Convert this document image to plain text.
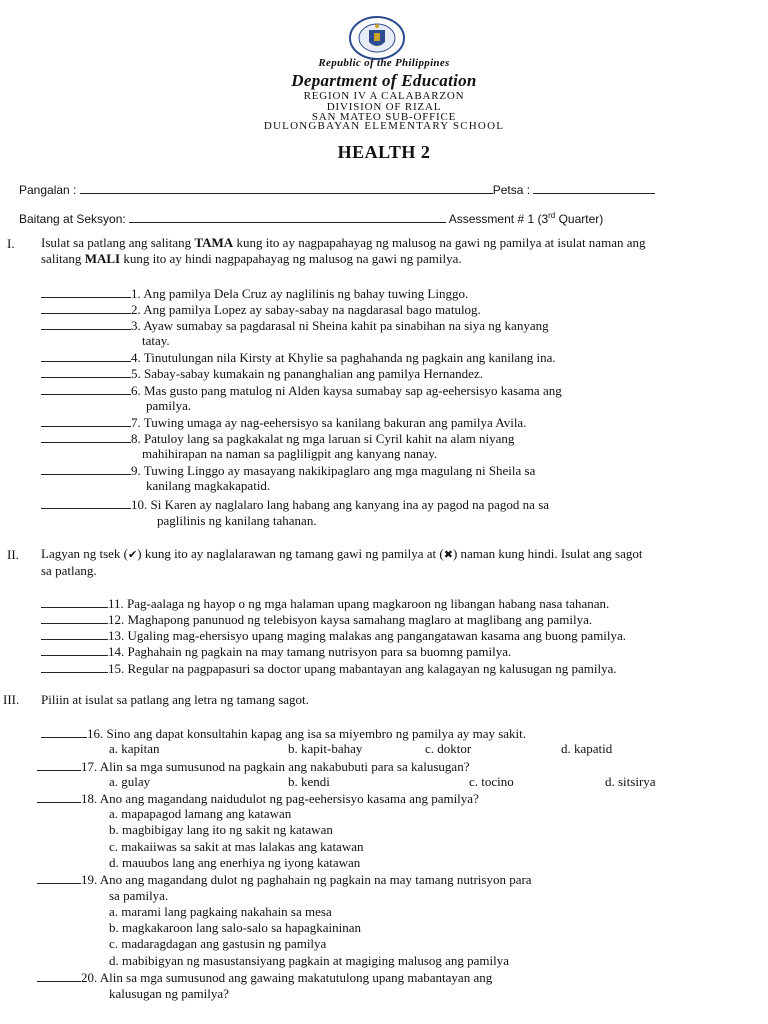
Republic of the Philippines
Department of Education
REGION IV A CALABARZON
DIVISION OF RIZAL
SAN MATEO SUB-OFFICE
DULONGBAYAN ELEMENTARY SCHOOL
HEALTH 2
Pangalan :	Petsa :
Baitang at Seksyon:	Assessment # 1 (3rd Quarter)
I. Isulat sa patlang ang salitang TAMA kung ito ay nagpapahayag ng malusog na gawi ng pamilya at isulat naman ang
salitang MALI kung ito ay hindi nagpapahayag ng malusog na gawi ng pamilya.
1. Ang pamilya Dela Cruz ay naglilinis ng bahay tuwing Linggo.
2. Ang pamilya Lopez ay sabay-sabay na nagdarasal bago matulog.
3. Ayaw sumabay sa pagdarasal ni Sheina kahit pa sinabihan na siya ng kanyang
tatay.
4. Tinutulungan nila Kirsty at Khylie sa paghahanda ng pagkain ang kanilang ina.
5. Sabay-sabay kumakain ng pananghalian ang pamilya Hernandez.
6. Mas gusto pang matulog ni Alden kaysa sumabay sap ag-eehersisyo kasama ang
pamilya.
7. Tuwing umaga ay nag-eehersisyo sa kanilang bakuran ang pamilya Avila.
8. Patuloy lang sa pagkakalat ng mga laruan si Cyril kahit na alam niyang
mahihirapan na naman sa pagliligpit ang kanyang nanay.
9. Tuwing Linggo ay masayang nakikipaglaro ang mga magulang ni Sheila sa
kanilang magkakapatid.
10. Si Karen ay naglalaro lang habang ang kanyang ina ay pagod na pagod na sa
paglilinis ng kanilang tahanan.
II. Lagyan ng tsek (✔) kung ito ay naglalarawan ng tamang gawi ng pamilya at (✖) naman kung hindi. Isulat ang sagot
sa patlang.
11. Pag-aalaga ng hayop o ng mga halaman upang magkaroon ng libangan habang nasa tahanan.
12. Maghapong panunuod ng telebisyon kaysa samahang maglaro at maglibang ang pamilya.
13. Ugaling mag-ehersisyo upang maging malakas ang pangangatawan kasama ang buong pamilya.
14. Paghahain ng pagkain na may tamang nutrisyon para sa buomng pamilya.
15. Regular na pagpapasuri sa doctor upang mabantayan ang kalagayan ng kalusugan ng pamilya.
III. Piliin at isulat sa patlang ang letra ng tamang sagot.
16. Sino ang dapat konsultahin kapag ang isa sa miyembro ng pamilya ay may sakit.
a. kapitan	b. kapit-bahay	c. doktor	d. kapatid
17. Alin sa mga sumusunod na pagkain ang nakabubuti para sa kalusugan?
a. gulay	b. kendi	c. tocino	d. sitsirya
18. Ano ang magandang naidudulot ng pag-eehersisyo kasama ang pamilya?
a. mapapagod lamang ang katawan
b. magbibigay lang ito ng sakit ng katawan
c. makaiiwas sa sakit at mas lalakas ang katawan
d. mauubos lang ang enerhiya ng iyong katawan
19. Ano ang magandang dulot ng paghahain ng pagkain na may tamang nutrisyon para
sa pamilya.
a. marami lang pagkaing nakahain sa mesa
b. magkakaroon lang salo-salo sa hapagkaininan
c. madaragdagan ang gastusin ng pamilya
d. mabibigyan ng masustansiyang pagkain at magiging malusog ang pamilya
20. Alin sa mga sumusunod ang gawaing makatutulong upang mabantayan ang
kalusugan ng pamilya?
